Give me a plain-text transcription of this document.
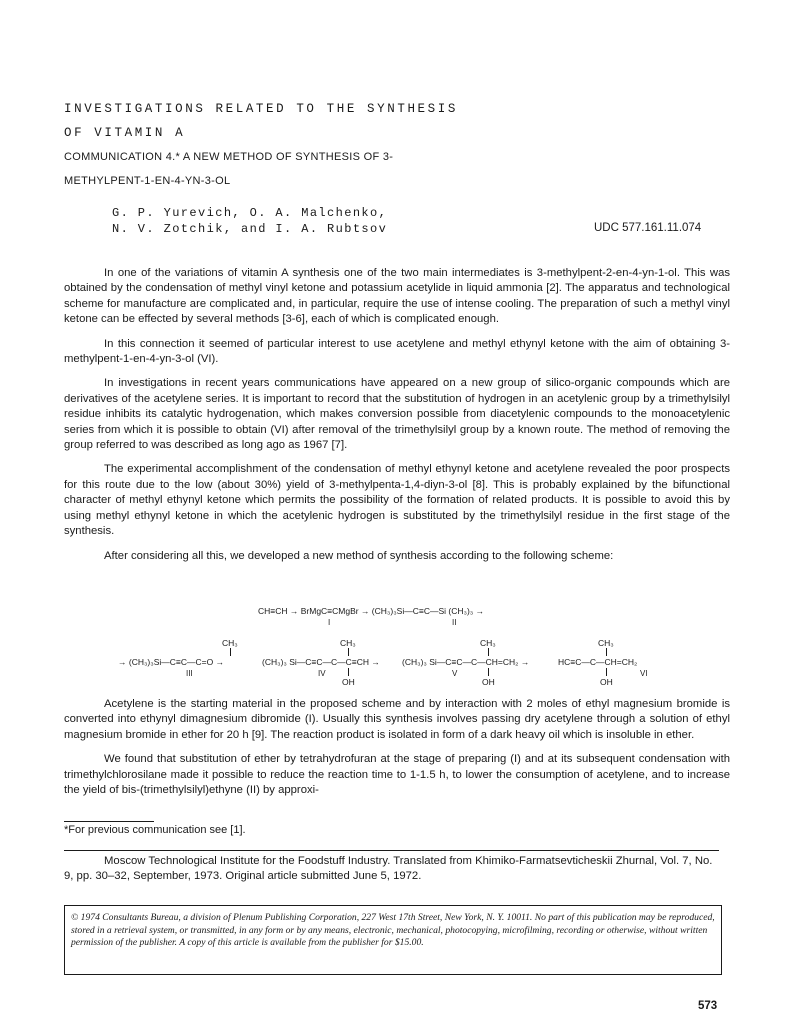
INVESTIGATIONS RELATED TO THE SYNTHESIS
OF VITAMIN A
COMMUNICATION 4.* A NEW METHOD OF SYNTHESIS OF 3-
METHYLPENT-1-EN-4-YN-3-OL
G. P. Yurevich, O. A. Malchenko,
N. V. Zotchik, and I. A. Rubtsov	UDC 577.161.11.074

In one of the variations of vitamin A synthesis one of the two main intermediates is 3-methylpent-2-en-4-yn-1-ol. This was obtained by the condensation of methyl vinyl ketone and potassium acetylide in liquid ammonia [2]. The apparatus and technological scheme for manufacture are complicated and, in particular, require the use of intense cooling. The preparation of such a methyl vinyl ketone can be effected by several methods [3-6], each of which is complicated enough.

In this connection it seemed of particular interest to use acetylene and methyl ethynyl ketone with the aim of obtaining 3-methylpent-1-en-4-yn-3-ol (VI).

In investigations in recent years communications have appeared on a new group of silico-organic compounds which are derivatives of the acetylene series. It is important to record that the substitution of hydrogen in an acetylenic group by a trimethylsilyl residue inhibits its catalytic hydrogenation, which makes conversion possible from diacetylenic compounds to the monoacetylenic series from which it is possible to obtain (VI) after removal of the trimethylsilyl group by a known route. The method of removing the group referred to was described as long ago as 1967 [7].

The experimental accomplishment of the condensation of methyl ethynyl ketone and acetylene revealed the poor prospects for this route due to the low (about 30%) yield of 3-methylpenta-1,4-diyn-3-ol [8]. This is probably explained by the bifunctional character of methyl ethynyl ketone which permits the possibility of the formation of related products. It is possible to avoid this by using methyl ethynyl ketone in which the acetylenic hydrogen is substituted by the trimethylsilyl residue in the first stage of the synthesis.

After considering all this, we developed a new method of synthesis according to the following scheme:

CH≡CH → BrMgC≡CMgBr → (CH₃)₃Si—C≡C—Si (CH₃)₃ →
I	II
CH₃	CH₃	CH₃	CH₃
→ (CH₃)₃Si—C≡C—C=O →	(CH₃)₃ Si—C≡C—C—C≡CH →	(CH₃)₃ Si—C≡C—C—CH=CH₂ →	HC≡C—C—CH=CH₂
III	IV	V	VI
OH	OH	OH

Acetylene is the starting material in the proposed scheme and by interaction with 2 moles of ethyl magnesium bromide is converted into ethynyl dimagnesium dibromide (I). Usually this synthesis involves passing dry acetylene through a solution of ethyl magnesium bromide in ether for 20 h [9]. The reaction product is isolated in form of a dark heavy oil which is insoluble in ether.

We found that substitution of ether by tetrahydrofuran at the stage of preparing (I) and at its subsequent condensation with trimethylchlorosilane made it possible to reduce the reaction time to 1-1.5 h, to lower the consumption of acetylene, and to increase the yield of bis-(trimethylsilyl)ethyne (II) by approxi-

*For previous communication see [1].

Moscow Technological Institute for the Foodstuff Industry. Translated from Khimiko-Farmatsevticheskii Zhurnal, Vol. 7, No. 9, pp. 30–32, September, 1973. Original article submitted June 5, 1972.

© 1974 Consultants Bureau, a division of Plenum Publishing Corporation, 227 West 17th Street, New York, N. Y. 10011. No part of this publication may be reproduced, stored in a retrieval system, or transmitted, in any form or by any means, electronic, mechanical, photocopying, microfilming, recording or otherwise, without written permission of the publisher. A copy of this article is available from the publisher for $15.00.
573
